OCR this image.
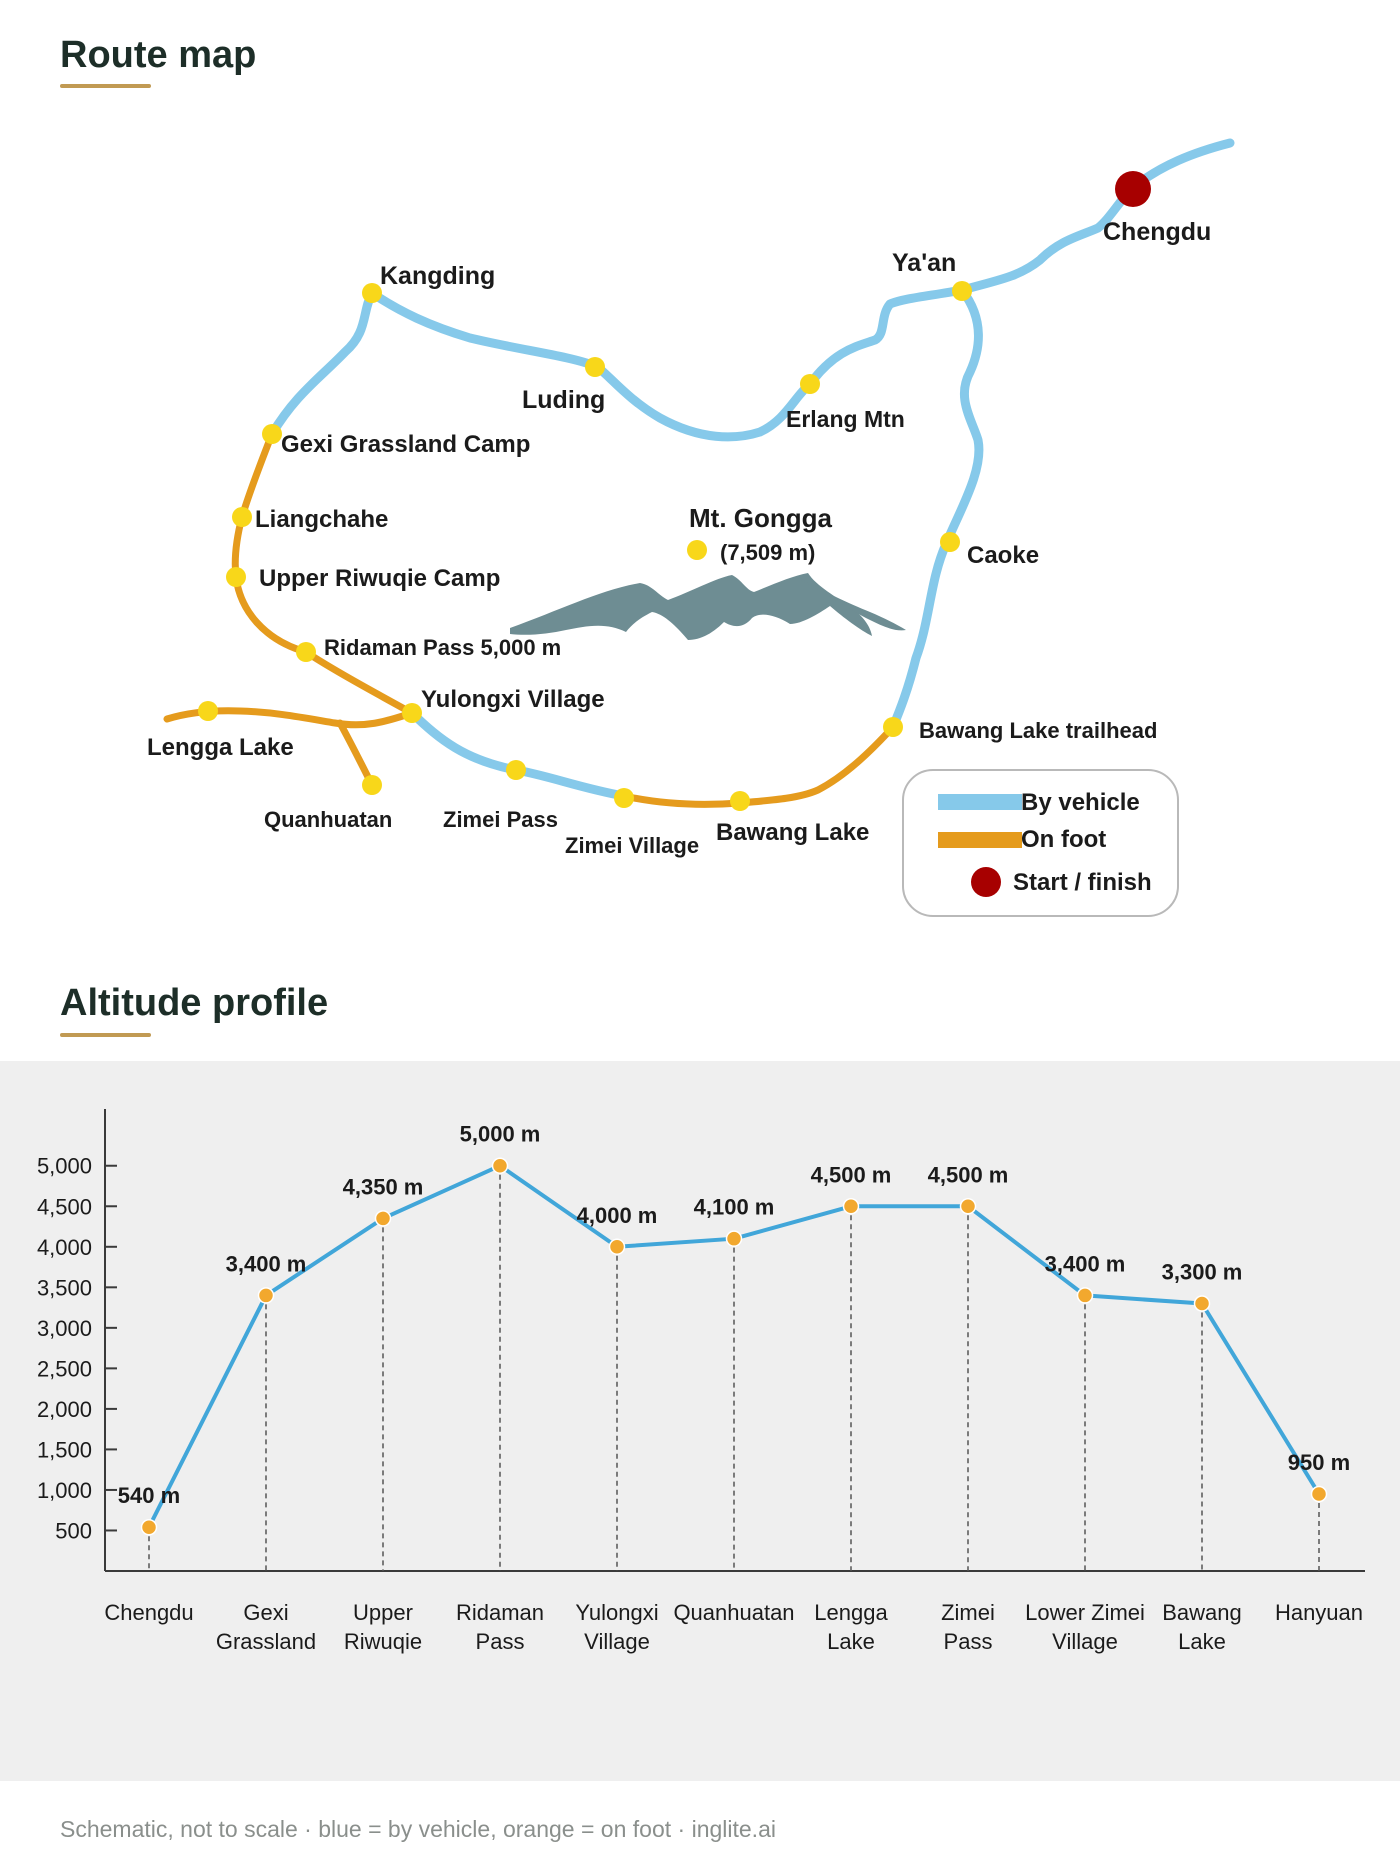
Route map
Chengdu
Ya'an
Kangding
Luding
Erlang Mtn
Gexi Grassland Camp
Liangchahe	Mt. Gongga
(7,509 m)	Caoke
Upper Riwuqie Camp
Ridaman Pass 5,000 m
Yulongxi Village
Bawang Lake trailhead
Lengga Lake
Quanhuatan Zimei Pass	Bawang Lake
Zimei Village
By vehicle
On foot
Start / finish
Altitude profile
500
1,000
1,500
2,000
2,500
3,000
3,500
4,000
4,500
5,000
540 m
3,400 m
4,350 m
5,000 m
4,000 m 4,100 m
4,500 m 4,500 m
3,400 m 3,300 m
950 m
Chengdu Gexi
Grassland
Upper
Riwuqie
Ridaman
Pass
Yulongxi
Village
Quanhuatan Lengga
Lake
Zimei
Pass
Lower Zimei
Village
Bawang
Lake
Hanyuan
Schematic, not to scale · blue = by vehicle, orange = on foot · inglite.ai
